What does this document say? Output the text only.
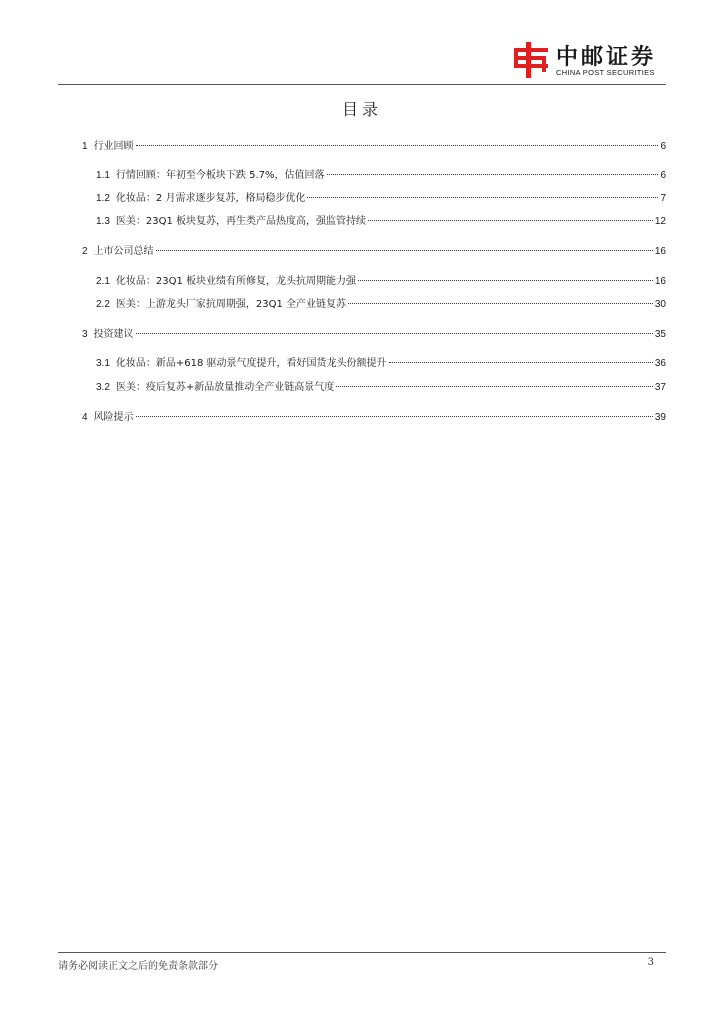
中邮证券
CHINA POST SECURITIES
目录
1 行业回顾	6
1.1 行情回顾：年初至今板块下跌 5.7%，估值回落	6
1.2 化妆品：2 月需求逐步复苏，格局稳步优化	7
1.3 医美：23Q1 板块复苏，再生类产品热度高，强监管持续	12
2 上市公司总结	16
2.1 化妆品：23Q1 板块业绩有所修复，龙头抗周期能力强	16
2.2 医美：上游龙头厂家抗周期强，23Q1 全产业链复苏	30
3 投资建议	35
3.1 化妆品：新品+618 驱动景气度提升，看好国货龙头份额提升	36
3.2 医美：疫后复苏+新品放量推动全产业链高景气度	37
4 风险提示	39
请务必阅读正文之后的免责条款部分	3
